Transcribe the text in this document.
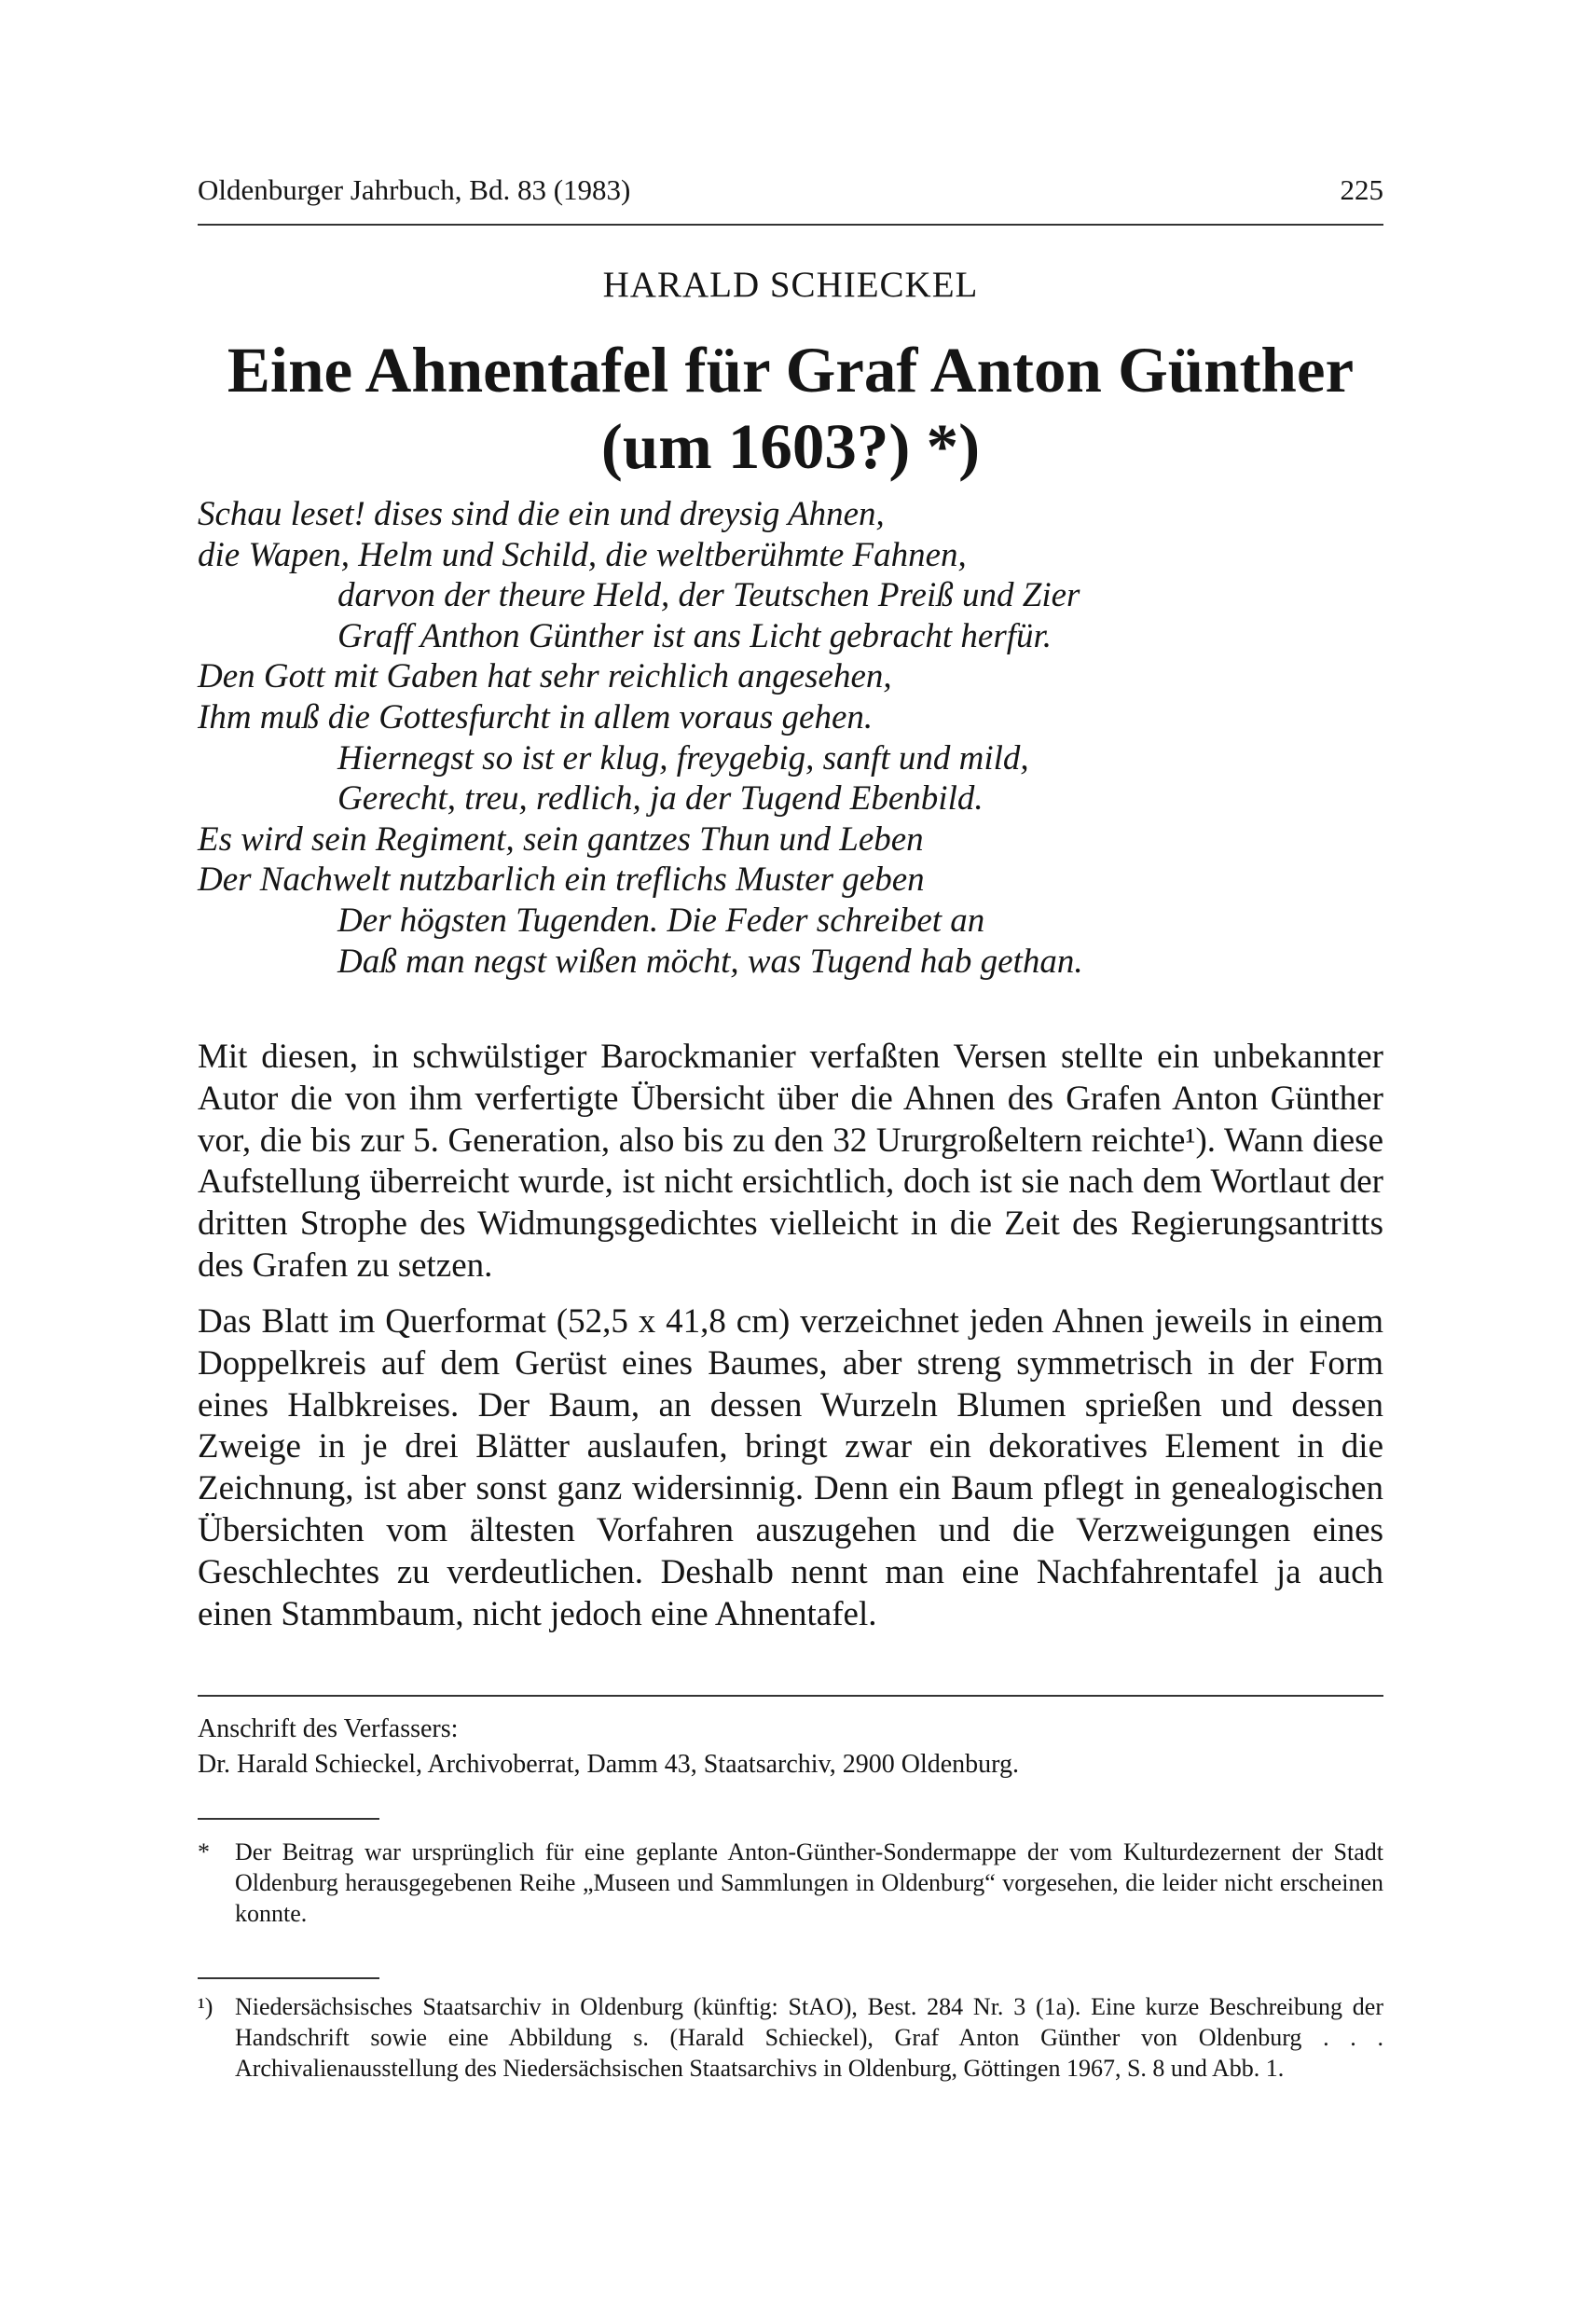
Oldenburger Jahrbuch, Bd. 83 (1983)	225
HARALD SCHIECKEL
Eine Ahnentafel für Graf Anton Günther
(um 1603?) *)
Schau leset! dises sind die ein und dreysig Ahnen,
die Wapen, Helm und Schild, die weltberühmte Fahnen,
darvon der theure Held, der Teutschen Preiß und Zier
Graff Anthon Günther ist ans Licht gebracht herfür.
Den Gott mit Gaben hat sehr reichlich angesehen,
Ihm muß die Gottesfurcht in allem voraus gehen.
Hiernegst so ist er klug, freygebig, sanft und mild,
Gerecht, treu, redlich, ja der Tugend Ebenbild.
Es wird sein Regiment, sein gantzes Thun und Leben
Der Nachwelt nutzbarlich ein treflichs Muster geben
Der högsten Tugenden. Die Feder schreibet an
Daß man negst wißen möcht, was Tugend hab gethan.

Mit diesen, in schwülstiger Barockmanier verfaßten Versen stellte ein unbekannter Autor die von ihm verfertigte Übersicht über die Ahnen des Grafen Anton Günther vor, die bis zur 5. Generation, also bis zu den 32 Ururgroßeltern reichte¹). Wann diese Aufstellung überreicht wurde, ist nicht ersichtlich, doch ist sie nach dem Wortlaut der dritten Strophe des Widmungsgedichtes vielleicht in die Zeit des Regierungsantritts des Grafen zu setzen.

Das Blatt im Querformat (52,5 x 41,8 cm) verzeichnet jeden Ahnen jeweils in einem Doppelkreis auf dem Gerüst eines Baumes, aber streng symmetrisch in der Form eines Halbkreises. Der Baum, an dessen Wurzeln Blumen sprießen und dessen Zweige in je drei Blätter auslaufen, bringt zwar ein dekoratives Element in die Zeichnung, ist aber sonst ganz widersinnig. Denn ein Baum pflegt in genealogischen Übersichten vom ältesten Vorfahren auszugehen und die Verzweigungen eines Geschlechtes zu verdeutlichen. Deshalb nennt man eine Nachfahrentafel ja auch einen Stammbaum, nicht jedoch eine Ahnentafel.

Anschrift des Verfassers:
Dr. Harald Schieckel, Archivoberrat, Damm 43, Staatsarchiv, 2900 Oldenburg.
*	Der Beitrag war ursprünglich für eine geplante Anton-Günther-Sondermappe der vom Kulturdezernent der Stadt Oldenburg herausgegebenen Reihe „Museen und Sammlungen in Oldenburg“ vorgesehen, die leider nicht erscheinen konnte.
¹) Niedersächsisches Staatsarchiv in Oldenburg (künftig: StAO), Best. 284 Nr. 3 (1a). Eine kurze Beschreibung der Handschrift sowie eine Abbildung s. (Harald Schieckel), Graf Anton Günther von Oldenburg . . . Archivalienausstellung des Niedersächsischen Staatsarchivs in Oldenburg, Göttingen 1967, S. 8 und Abb. 1.
